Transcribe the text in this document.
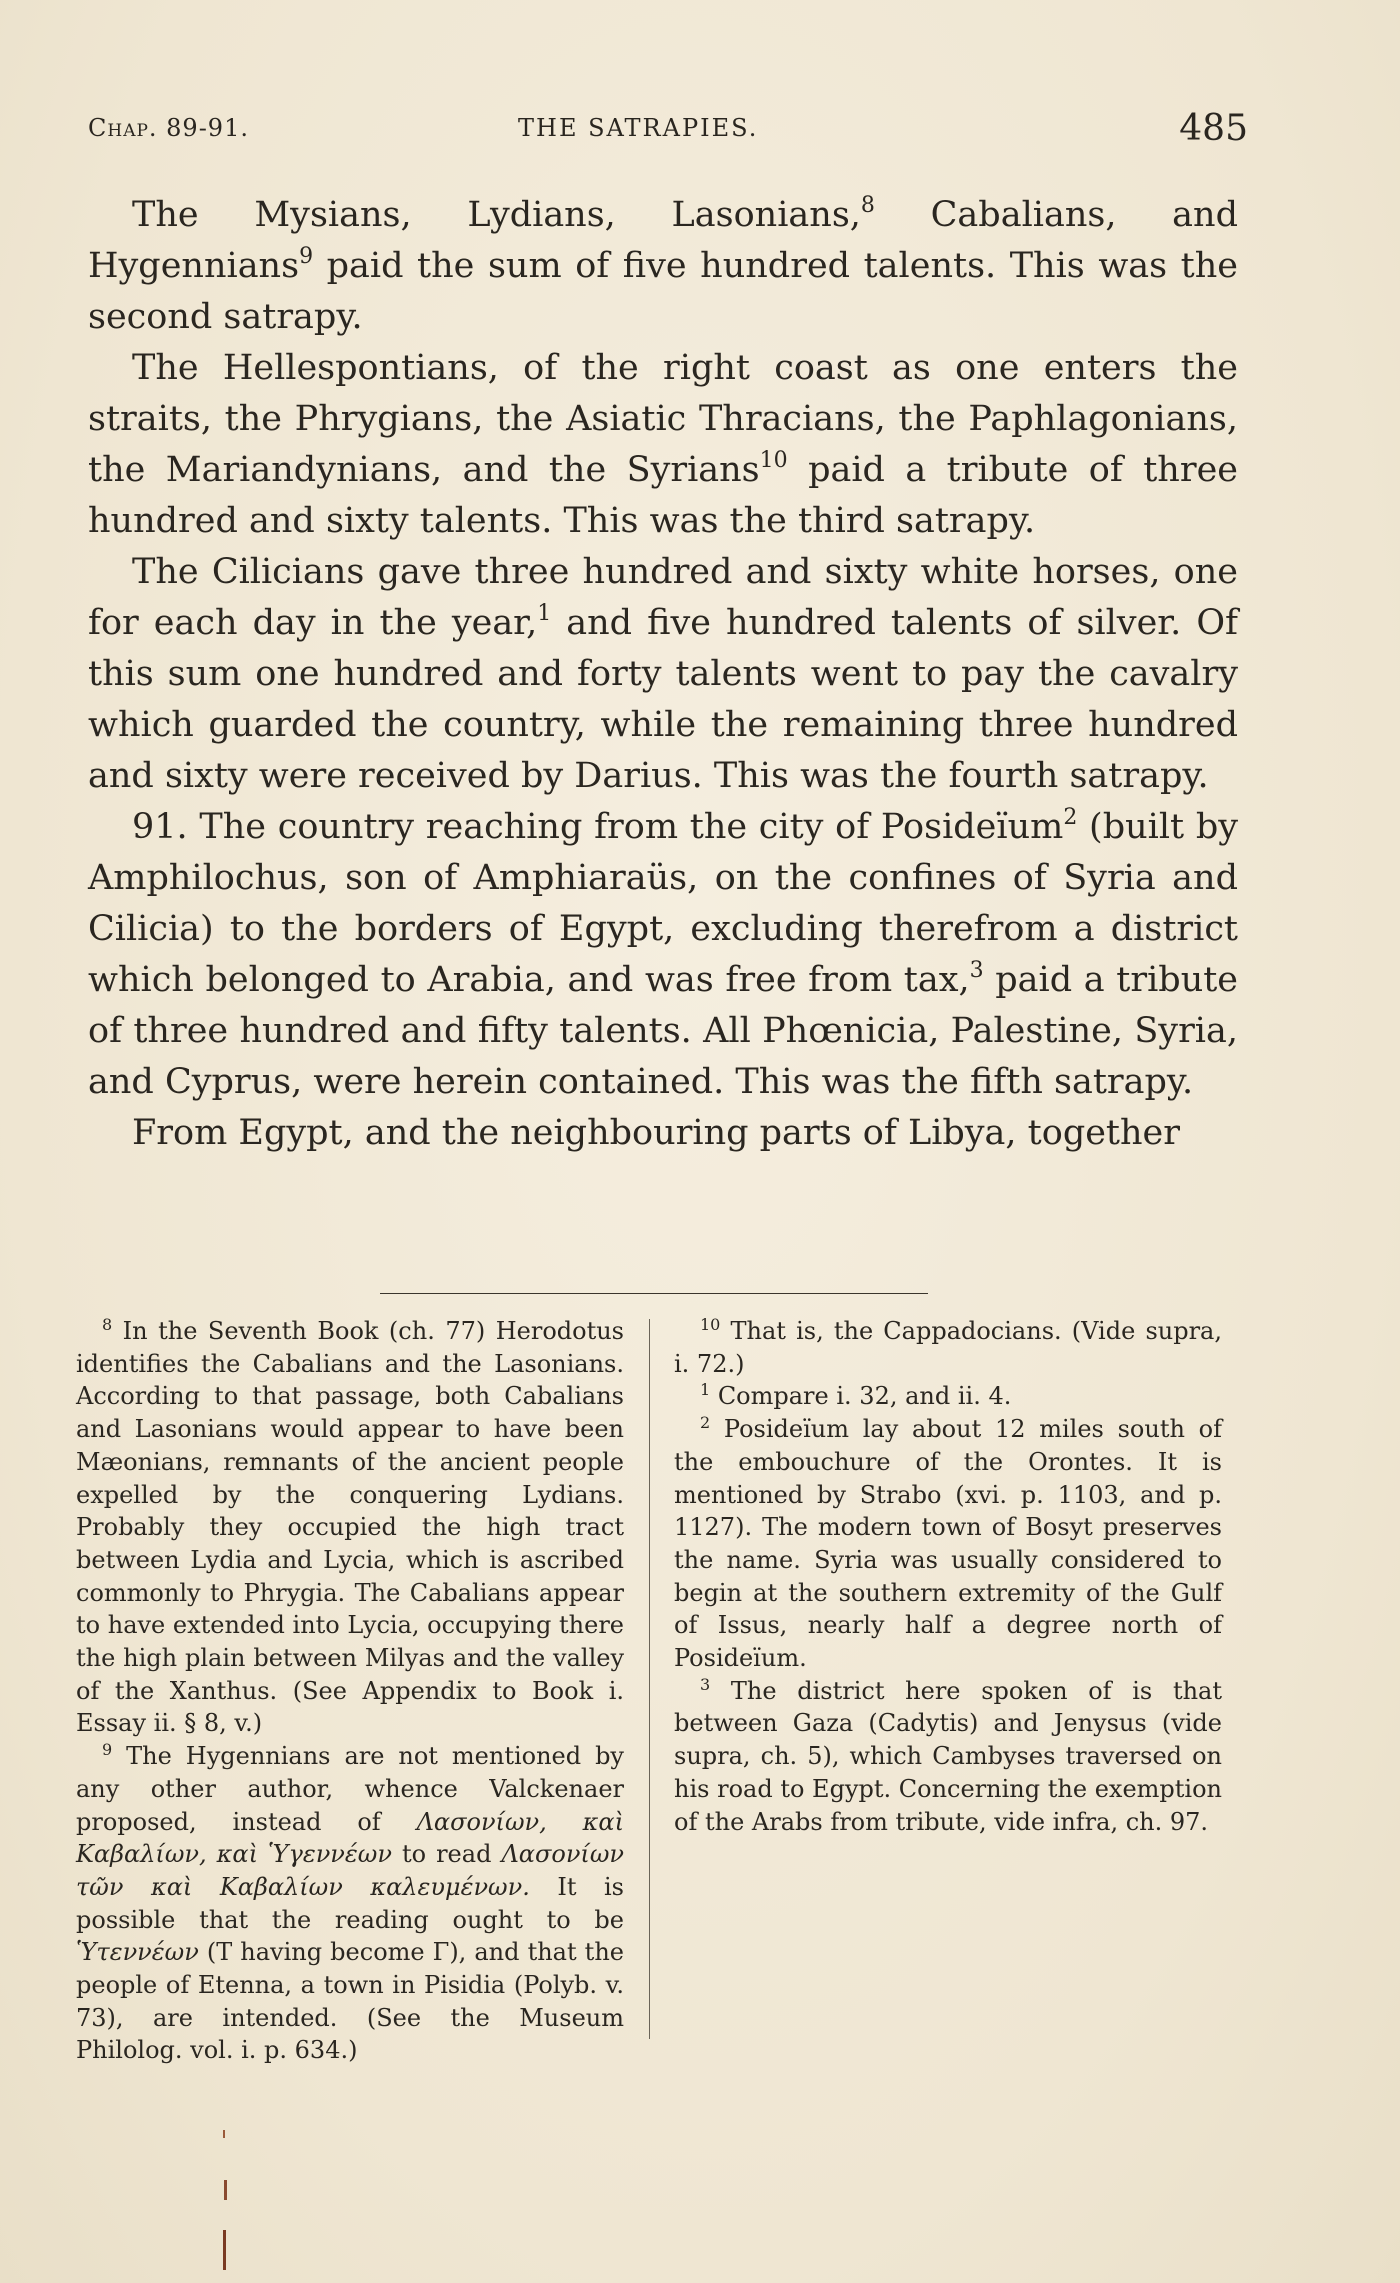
Chap. 89-91.	THE SATRAPIES.	485

The Mysians, Lydians, Lasonians,$^8$ Cabalians, and Hygennians$^9$ paid the sum of five hundred talents. This was the second satrapy.

The Hellespontians, of the right coast as one enters the straits, the Phrygians, the Asiatic Thracians, the Paphlagonians, the Mariandynians, and the Syrians$^{10}$ paid a tribute of three hundred and sixty talents. This was the third satrapy.

The Cilicians gave three hundred and sixty white horses, one for each day in the year,$^1$ and five hundred talents of silver. Of this sum one hundred and forty talents went to pay the cavalry which guarded the country, while the remaining three hundred and sixty were received by Darius. This was the fourth satrapy.

91. The country reaching from the city of Posideïum$^2$ (built by Amphilochus, son of Amphiaraüs, on the confines of Syria and Cilicia) to the borders of Egypt, excluding therefrom a district which belonged to Arabia, and was free from tax,$^3$ paid a tribute of three hundred and fifty talents. All Phœnicia, Palestine, Syria, and Cyprus, were herein contained. This was the fifth satrapy.

From Egypt, and the neighbouring parts of Libya, together

$^8$ In the Seventh Book (ch. 77) Herodotus identifies the Cabalians and the Lasonians. According to that passage, both Cabalians and Lasonians would appear to have been Mæonians, remnants of the ancient people expelled by the conquering Lydians. Probably they occupied the high tract between Lydia and Lycia, which is ascribed commonly to Phrygia. The Cabalians appear to have extended into Lycia, occupying there the high plain between Milyas and the valley of the Xanthus. (See Appendix to Book i. Essay ii. § 8, v.)

$^9$ The Hygennians are not mentioned by any other author, whence Valckenaer proposed, instead of Λασονίων, καὶ Καβαλίων, καὶ Ὑγεννέων to read Λασονίων τῶν καὶ Καβαλίων καλευμένων. It is possible that the reading ought to be Ὑτεννέων (T having become Γ), and that the people of Etenna, a town in Pisidia (Polyb. v. 73), are intended. (See the Museum Philolog. vol. i. p. 634.)

$^{10}$ That is, the Cappadocians. (Vide supra, i. 72.)

$^1$ Compare i. 32, and ii. 4.

$^2$ Posideïum lay about 12 miles south of the embouchure of the Orontes. It is mentioned by Strabo (xvi. p. 1103, and p. 1127). The modern town of Bosyt preserves the name. Syria was usually considered to begin at the southern extremity of the Gulf of Issus, nearly half a degree north of Posideïum.

$^3$ The district here spoken of is that between Gaza (Cadytis) and Jenysus (vide supra, ch. 5), which Cambyses traversed on his road to Egypt. Concerning the exemption of the Arabs from tribute, vide infra, ch. 97.
